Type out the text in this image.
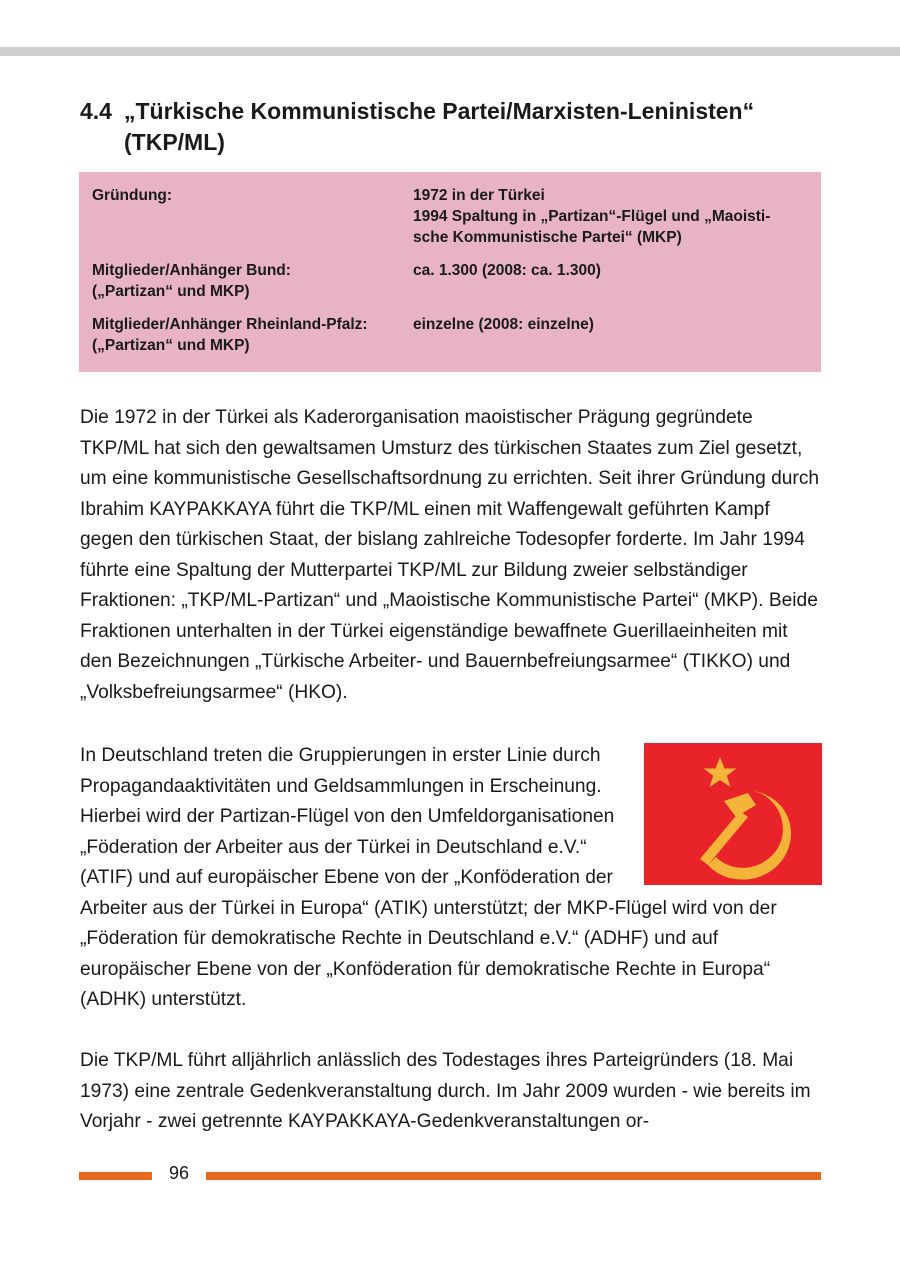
4.4 „Türkische Kommunistische Partei/Marxisten-Leninisten“
(TKP/ML)
Gründung:	1972 in der Türkei
1994 Spaltung in „Partizan“-Flügel und „Maoisti-
sche Kommunistische Partei“ (MKP)
Mitglieder/Anhänger Bund:
(„Partizan“ und MKP)
ca. 1.300 (2008: ca. 1.300)
Mitglieder/Anhänger Rheinland-Pfalz:
(„Partizan“ und MKP)
einzelne (2008: einzelne)

Die 1972 in der Türkei als Kaderorganisation maoistischer Prägung gegründete TKP/ML hat sich den gewaltsamen Umsturz des türkischen Staates zum Ziel gesetzt, um eine kommunistische Gesellschaftsordnung zu errichten. Seit ihrer Gründung durch Ibrahim KAYPAKKAYA führt die TKP/ML einen mit Waffengewalt geführten Kampf gegen den türkischen Staat, der bislang zahlreiche Todesopfer forderte. Im Jahr 1994 führte eine Spaltung der Mutterpartei TKP/ML zur Bildung zweier selbständiger Fraktionen: „TKP/ML-Partizan“ und „Maoistische Kommunistische Partei“ (MKP). Beide Fraktionen unterhalten in der Türkei eigenständige bewaffnete Guerillaeinheiten mit den Bezeichnungen „Türkische Arbeiter- und Bauernbefreiungsarmee“ (TIKKO) und „Volksbefreiungsarmee“ (HKO).

In Deutschland treten die Gruppierungen in erster Linie durch Propagandaaktivitäten und Geldsammlungen in Erscheinung. Hierbei wird der Partizan-Flügel von den Umfeldorganisationen „Föderation der Arbeiter aus der Türkei in Deutschland e.V.“ (ATIF) und auf europäischer Ebene von der „Konföderation der Arbeiter aus der Türkei in Europa“ (ATIK) unterstützt; der MKP-Flügel wird von der „Föderation für demokratische Rechte in Deutschland e.V.“ (ADHF) und auf europäischer Ebene von der „Konföderation für demokratische Rechte in Europa“ (ADHK) unterstützt.

Die TKP/ML führt alljährlich anlässlich des Todestages ihres Parteigründers (18. Mai 1973) eine zentrale Gedenkveranstaltung durch. Im Jahr 2009 wurden - wie bereits im Vorjahr - zwei getrennte KAYPAKKAYA-Gedenkveranstaltungen or-

96
